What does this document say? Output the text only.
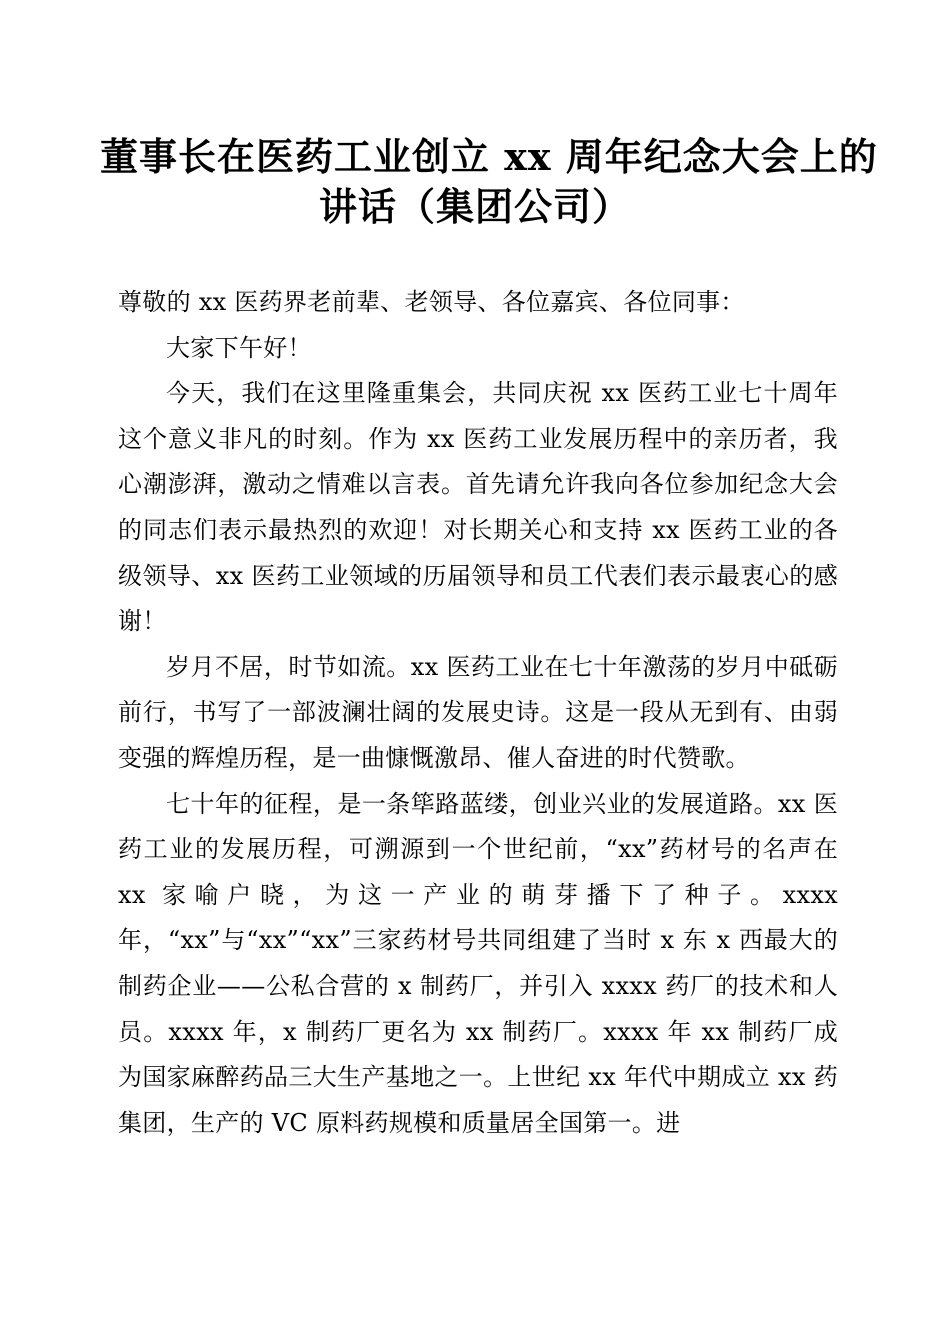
董事长在医药工业创立 xx 周年纪念大会上的
讲话（集团公司）

尊敬的 xx 医药界老前辈、老领导、各位嘉宾、各位同事：

大家下午好！

今天，我们在这里隆重集会，共同庆祝 xx 医药工业七十周年这个意义非凡的时刻。作为 xx 医药工业发展历程中的亲历者，我心潮澎湃，激动之情难以言表。首先请允许我向各位参加纪念大会的同志们表示最热烈的欢迎！对长期关心和支持 xx 医药工业的各级领导、xx 医药工业领域的历届领导和员工代表们表示最衷心的感谢！

岁月不居，时节如流。xx 医药工业在七十年激荡的岁月中砥砺前行，书写了一部波澜壮阔的发展史诗。这是一段从无到有、由弱变强的辉煌历程，是一曲慷慨激昂、催人奋进的时代赞歌。

七十年的征程，是一条筚路蓝缕，创业兴业的发展道路。xx 医药工业的发展历程，可溯源到一个世纪前，“xx”药材号的名声在 xx 家喻户晓，为这一产业的萌芽播下了种子。xxxx 年，“xx”与“xx”“xx”三家药材号共同组建了当时 x 东 x 西最大的制药企业——公私合营的 x 制药厂，并引入 xxxx 药厂的技术和人员。xxxx 年，x 制药厂更名为 xx 制药厂。xxxx 年 xx 制药厂成为国家麻醉药品三大生产基地之一。上世纪 xx 年代中期成立 xx 药集团，生产的 VC 原料药规模和质量居全国第一。进
